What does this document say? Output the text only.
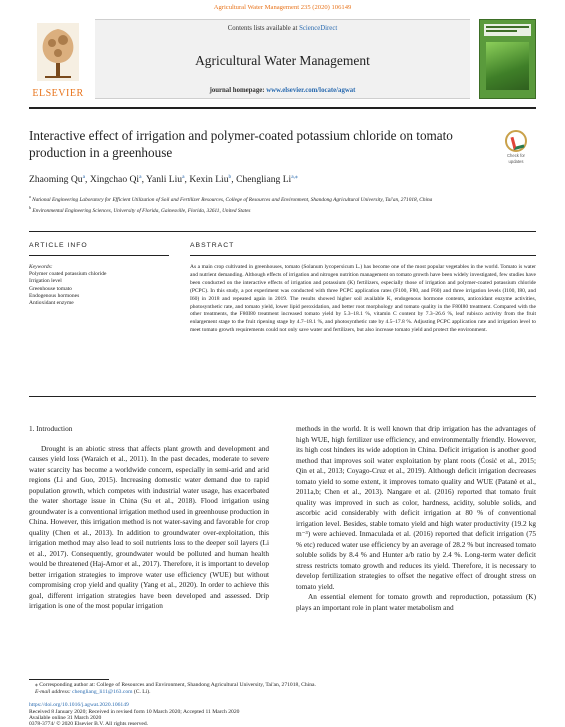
Agricultural Water Management 235 (2020) 106149
ELSEVIER
Contents lists available at ScienceDirect
Agricultural Water Management
journal homepage: www.elsevier.com/locate/agwat
Interactive effect of irrigation and polymer-coated potassium chloride on tomato production in a greenhouse	Check for
updates
Zhaoming Qu$^a$, Xingchao Qi$^a$, Yanli Liu$^a$, Kexin Liu$^b$, Chengliang $Li^{a,⁎}$
$^a$ National Engineering Laboratory for Efficient Utilization of Soil and Fertilizer Resources, College of Resources and Environment, Shandong Agricultural University, Tai'an, 271018, China
$^b$ Environmental Engineering Sciences, University of Florida, Gainesville, Florida, 32611, United States
ARTICLE INFO	ABSTRACT
Keywords:
Polymer coated potassium chloride
Irrigation level
Greenhouse tomato
Endogenous hormones
Antioxidant enzyme
As a main crop cultivated in greenhouses, tomato (Solanum lycopersicum L.) has become one of the most popular vegetables in the world. Tomato is water and nutrient demanding. Although effects of irrigation and nitrogen nutrition management on tomato growth have been widely investigated, few studies have been conducted on the interactive effects of irrigation and potassium (K) fertilizers, especially those of irrigation and polymer-coated potassium chloride (PCPC). In this study, a pot experiment was conducted with three PCPC application rates (F100, F80, and F60) and three irrigation levels (I100, I80, and I60) in 2018 and repeated again in 2019. The results showed higher soil available K, endogenous hormone contents, antioxidant enzyme activities, photosynthetic rate, and tomato yield, lower lipid peroxidation, and better root morphology and tomato quality in the F80I80 treatment. Compared with the other treatments, the F80I80 treatment increased tomato yield by 5.3–18.1 %, vitamin C content by 7.3–26.6 %, leaf rubisco activity from the fruit enlargement stage to the fruit ripening stage by 4.7–18.1 %, and photosynthetic rate by 4.5–17.8 %. Adjusting PCPC application rate and irrigation level to meet tomato growth requirements could not only save water and fertilizers, but also increase tomato yield and protect the environment.
1. Introduction

Drought is an abiotic stress that affects plant growth and development and causes yield loss (Waraich et al., 2011). In the past decades, moderate to severe water scarcity has become a worldwide concern, especially in semi-arid and arid regions (Li and Guo, 2015). Increasing domestic water demand due to rapid population growth, which competes with industrial water usage, has exacerbated the water shortage issue in China (Su et al., 2018). Flood irrigation using groundwater is a conventional irrigation method used in greenhouse production in China. However, this irrigation method is not water-saving and favorable for crop quality (Chen et al., 2013). In addition to groundwater over-exploitation, this irrigation method may also lead to soil nutrients loss to the deeper soil layers (Li et al., 2017). Consequently, groundwater would be polluted and human health would be threatened (Haj-Amor et al., 2017). Therefore, it is important to develop better irrigation strategies to improve water use efficiency (WUE) but without compromising crop yield and quality (Yang et al., 2020). In order to achieve this goal, different irrigation strategies have been developed and assessed. Drip irrigation is one of the most popular irrigation

methods in the world. It is well known that drip irrigation has the advantages of high WUE, high fertilizer use efficiency, and environmentally friendly. However, its high cost hinders its wide adoption in China. Deficit irrigation is another good method that improves soil water exploitation by plant roots (Ćosić et al., 2015; Qin et al., 2013; Coyago-Cruz et al., 2019). Although deficit irrigation decreases tomato yield to some extent, it improves tomato quality and WUE (Patanè et al., 2011a,b; Chen et al., 2013). Nangare et al. (2016) reported that tomato fruit quality was improved in such as color, hardness, acidity, soluble solids, and ascorbic acid considerably with deficit irrigation at 80 % of conventional irrigation level. Besides, stable tomato yield and high water productivity (19.2 kg m⁻³) were achieved. Inmaculada et al. (2016) reported that deficit irrigation (75 % etc) reduced water use efficiency by an average of 28.2 % but increased tomato soluble solids by 8.4 % and Hunter a/b ratio by 2.4 %. Long-term water deficit stress restricts tomato growth and reduces its yield. Therefore, it is necessary to develop fertilization strategies to offset the negative effect of drought stress on tomato yield.

An essential element for tomato growth and reproduction, potassium (K) plays an important role in plant water metabolism and

⁎ Corresponding author at: College of Resources and Environment, Shandong Agricultural University, Tai'an, 271018, China.
E-mail address: chengliang_li11@163.com (C. Li).
https://doi.org/10.1016/j.agwat.2020.106149
Received 8 January 2020; Received in revised form 10 March 2020; Accepted 11 March 2020
Available online 31 March 2020
0378-3774/ © 2020 Elsevier B.V. All rights reserved.
